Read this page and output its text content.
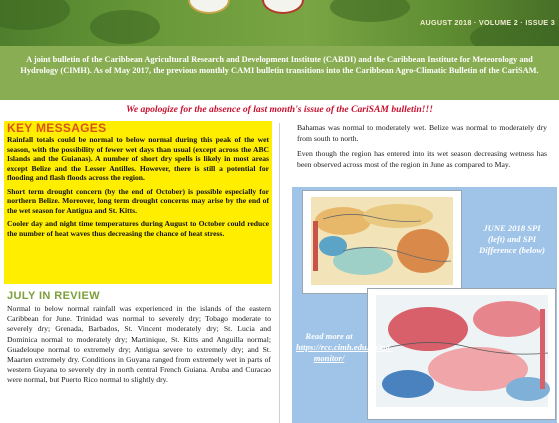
AUGUST 2018 · VOLUME 2 · ISSUE 3

A joint bulletin of the Caribbean Agricultural Research and Development Institute (CARDI) and the Caribbean Institute for Meteorology and Hydrology (CIMH). As of May 2017, the previous monthly CAMI bulletin transitions into the Caribbean Agro-Climatic Bulletin of the CariSAM.

We apologize for the absence of last month's issue of the CariSAM bulletin!!!
KEY MESSAGES

Rainfall totals could be normal to below normal during this peak of the wet season, with the possibility of fewer wet days than usual (except across the ABC Islands and the Guianas). A number of short dry spells is likely in most areas except Belize and the Lesser Antilles. However, there is still a potential for flooding and flash floods across the region.

Short term drought concern (by the end of October) is possible especially for northern Belize. Moreover, long term drought concerns may arise by the end of the wet season for Antigua and St. Kitts.

Cooler day and night time temperatures during August to October could reduce the number of heat waves thus decreasing the chance of heat stress.

JULY IN REVIEW
Normal to below normal rainfall was experienced in the islands of the eastern Caribbean for June. Trinidad was normal to severely dry; Tobago moderate to severely dry; Grenada, Barbados, St. Vincent moderately dry; St. Lucia and Dominica normal to moderately dry; Martinique, St. Kitts and Anguilla normal; Guadeloupe normal to extremely dry; Antigua severe to extremely dry; and St. Maarten extremely dry. Conditions in Guyana ranged from extremely wet in parts of western Guyana to severely dry in north central French Guiana. Aruba and Curacao were normal, but Puerto Rico normal to slightly dry.

Bahamas was normal to moderately wet. Belize was normal to moderately dry from south to north.

Even though the region has entered into its wet season decreasing wetness has been observed across most of the region in June as compared to May.

JUNE 2018 SPI (left) and SPI Difference (below)
Read more at https://rcc.cimh.edu.bb/spi-monitor/
